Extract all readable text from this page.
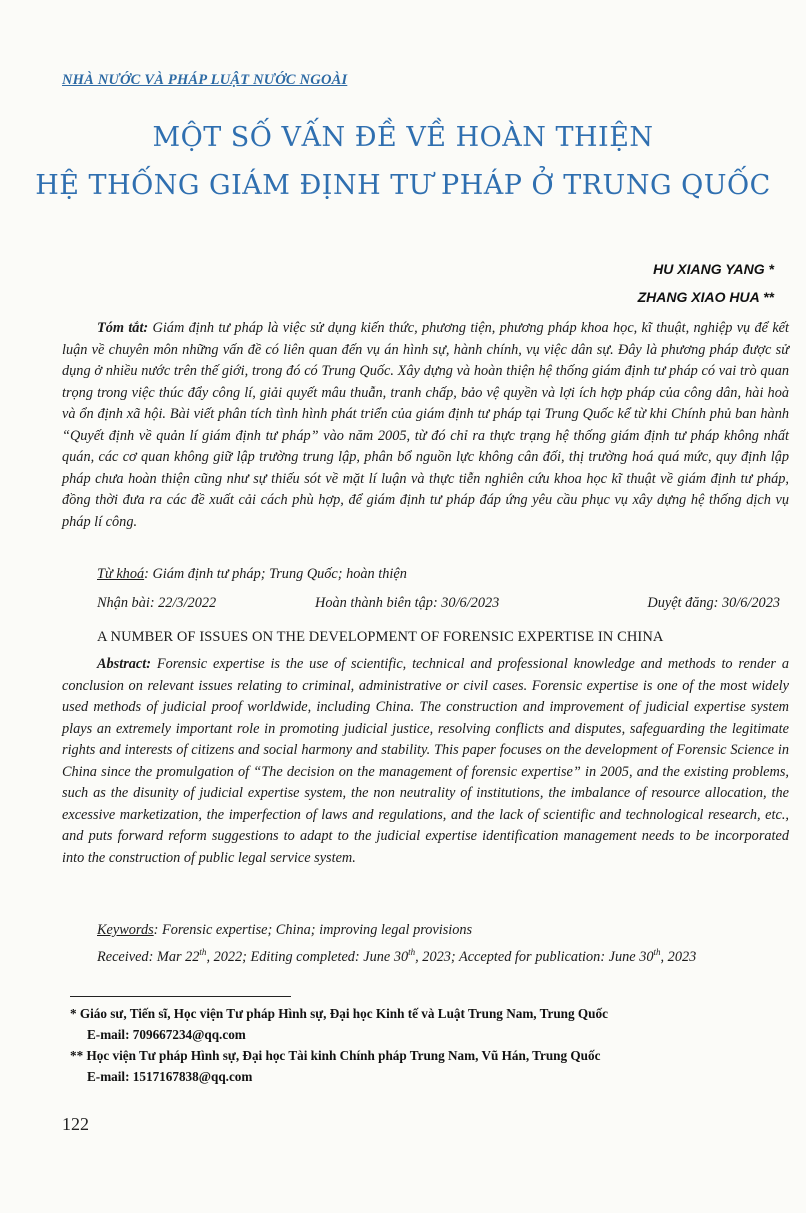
NHÀ NƯỚC VÀ PHÁP LUẬT NƯỚC NGOÀI
MỘT SỐ VẤN ĐỀ VỀ HOÀN THIỆN
HỆ THỐNG GIÁM ĐỊNH TƯ PHÁP Ở TRUNG QUỐC
HU XIANG YANG *
ZHANG XIAO HUA **
Tóm tắt: Giám định tư pháp là việc sử dụng kiến thức, phương tiện, phương pháp khoa học, kĩ thuật, nghiệp vụ để kết luận về chuyên môn những vấn đề có liên quan đến vụ án hình sự, hành chính, vụ việc dân sự. Đây là phương pháp được sử dụng ở nhiều nước trên thế giới, trong đó có Trung Quốc. Xây dựng và hoàn thiện hệ thống giám định tư pháp có vai trò quan trọng trong việc thúc đẩy công lí, giải quyết mâu thuẫn, tranh chấp, bảo vệ quyền và lợi ích hợp pháp của công dân, hài hoà và ổn định xã hội. Bài viết phân tích tình hình phát triển của giám định tư pháp tại Trung Quốc kể từ khi Chính phủ ban hành “Quyết định về quản lí giám định tư pháp” vào năm 2005, từ đó chỉ ra thực trạng hệ thống giám định tư pháp không nhất quán, các cơ quan không giữ lập trường trung lập, phân bổ nguồn lực không cân đối, thị trường hoá quá mức, quy định lập pháp chưa hoàn thiện cũng như sự thiếu sót về mặt lí luận và thực tiễn nghiên cứu khoa học kĩ thuật về giám định tư pháp, đồng thời đưa ra các đề xuất cải cách phù hợp, để giám định tư pháp đáp ứng yêu cầu phục vụ xây dựng hệ thống dịch vụ pháp lí công.
Từ khoá: Giám định tư pháp; Trung Quốc; hoàn thiện
Nhận bài: 22/3/2022	Hoàn thành biên tập: 30/6/2023	Duyệt đăng: 30/6/2023
A NUMBER OF ISSUES ON THE DEVELOPMENT OF FORENSIC EXPERTISE IN CHINA
Abstract: Forensic expertise is the use of scientific, technical and professional knowledge and methods to render a conclusion on relevant issues relating to criminal, administrative or civil cases. Forensic expertise is one of the most widely used methods of judicial proof worldwide, including China. The construction and improvement of judicial expertise system plays an extremely important role in promoting judicial justice, resolving conflicts and disputes, safeguarding the legitimate rights and interests of citizens and social harmony and stability. This paper focuses on the development of Forensic Science in China since the promulgation of “The decision on the management of forensic expertise” in 2005, and the existing problems, such as the disunity of judicial expertise system, the non neutrality of institutions, the imbalance of resource allocation, the excessive marketization, the imperfection of laws and regulations, and the lack of scientific and technological research, etc., and puts forward reform suggestions to adapt to the judicial expertise identification management needs to be incorporated into the construction of public legal service system.
Keywords: Forensic expertise; China; improving legal provisions
Received: Mar 22th, 2022; Editing completed: June 30th, 2023; Accepted for publication: June 30th, 2023
* Giáo sư, Tiến sĩ, Học viện Tư pháp Hình sự, Đại học Kinh tế và Luật Trung Nam, Trung Quốc
E-mail: 709667234@qq.com
** Học viện Tư pháp Hình sự, Đại học Tài kinh Chính pháp Trung Nam, Vũ Hán, Trung Quốc
E-mail: 1517167838@qq.com
122
